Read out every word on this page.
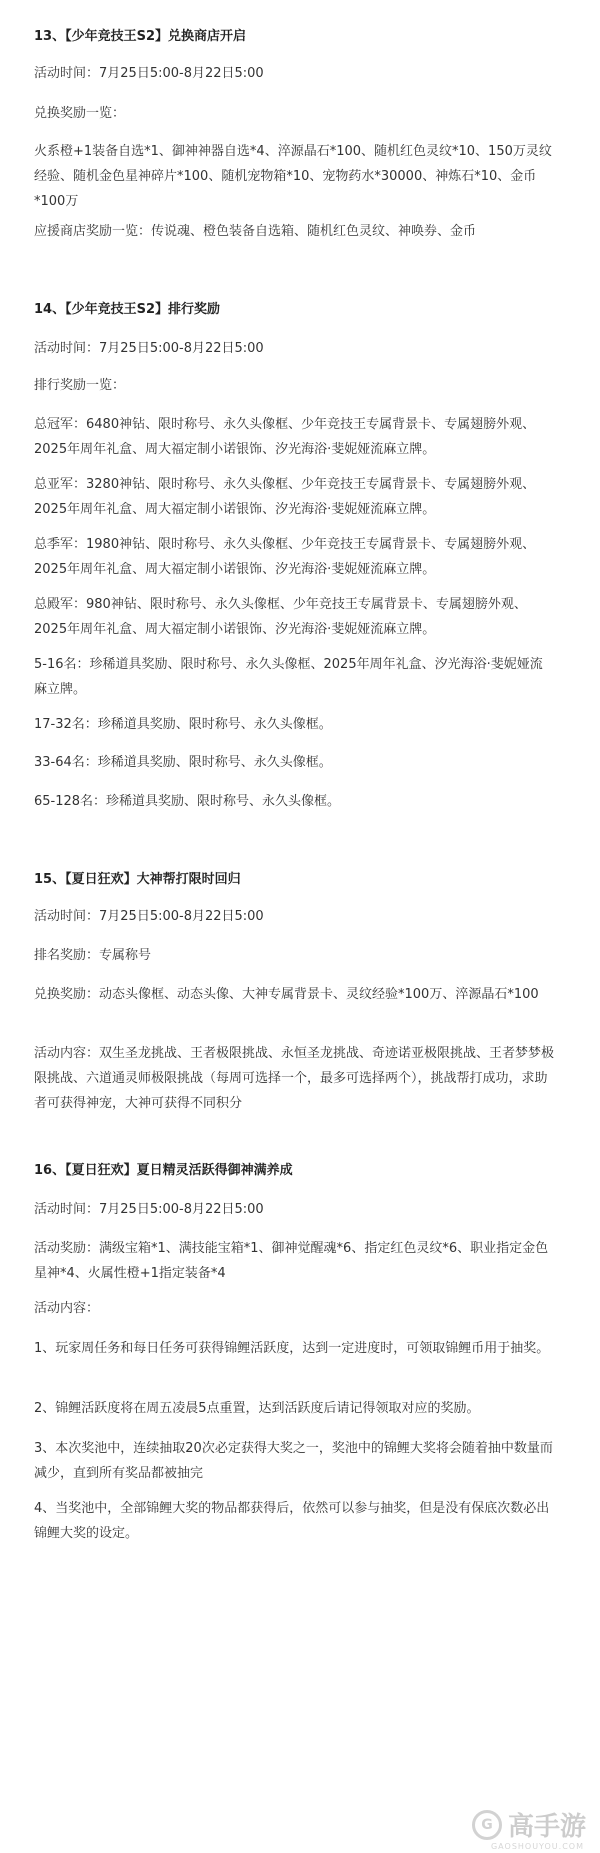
13、【少年竞技王S2】兑换商店开启

活动时间：7月25日5:00-8月22日5:00

兑换奖励一览：

火系橙+1装备自选*1、御神神器自选*4、淬源晶石*100、随机红色灵纹*10、150万灵纹经验、随机金色星神碎片*100、随机宠物箱*10、宠物药水*30000、神炼石*10、金币*100万

应援商店奖励一览：传说魂、橙色装备自选箱、随机红色灵纹、神唤券、金币

14、【少年竞技王S2】排行奖励

活动时间：7月25日5:00-8月22日5:00

排行奖励一览：

总冠军：6480神钻、限时称号、永久头像框、少年竞技王专属背景卡、专属翅膀外观、2025年周年礼盒、周大福定制小诺银饰、汐光海浴·斐妮娅流麻立牌。

总亚军：3280神钻、限时称号、永久头像框、少年竞技王专属背景卡、专属翅膀外观、2025年周年礼盒、周大福定制小诺银饰、汐光海浴·斐妮娅流麻立牌。

总季军：1980神钻、限时称号、永久头像框、少年竞技王专属背景卡、专属翅膀外观、2025年周年礼盒、周大福定制小诺银饰、汐光海浴·斐妮娅流麻立牌。

总殿军：980神钻、限时称号、永久头像框、少年竞技王专属背景卡、专属翅膀外观、2025年周年礼盒、周大福定制小诺银饰、汐光海浴·斐妮娅流麻立牌。

5-16名：珍稀道具奖励、限时称号、永久头像框、2025年周年礼盒、汐光海浴·斐妮娅流麻立牌。

17-32名：珍稀道具奖励、限时称号、永久头像框。

33-64名：珍稀道具奖励、限时称号、永久头像框。

65-128名：珍稀道具奖励、限时称号、永久头像框。

15、【夏日狂欢】大神帮打限时回归

活动时间：7月25日5:00-8月22日5:00

排名奖励：专属称号

兑换奖励：动态头像框、动态头像、大神专属背景卡、灵纹经验*100万、淬源晶石*100

活动内容：双生圣龙挑战、王者极限挑战、永恒圣龙挑战、奇迹诺亚极限挑战、王者梦梦极限挑战、六道通灵师极限挑战（每周可选择一个，最多可选择两个），挑战帮打成功，求助者可获得神宠，大神可获得不同积分

16、【夏日狂欢】夏日精灵活跃得御神满养成

活动时间：7月25日5:00-8月22日5:00

活动奖励：满级宝箱*1、满技能宝箱*1、御神觉醒魂*6、指定红色灵纹*6、职业指定金色星神*4、火属性橙+1指定装备*4

活动内容：

1、玩家周任务和每日任务可获得锦鲤活跃度，达到一定进度时，可领取锦鲤币用于抽奖。

2、锦鲤活跃度将在周五凌晨5点重置，达到活跃度后请记得领取对应的奖励。

3、本次奖池中，连续抽取20次必定获得大奖之一，奖池中的锦鲤大奖将会随着抽中数量而减少，直到所有奖品都被抽完

4、当奖池中，全部锦鲤大奖的物品都获得后，依然可以参与抽奖，但是没有保底次数必出锦鲤大奖的设定。

G 高手游
GAOSHOUYOU.COM
